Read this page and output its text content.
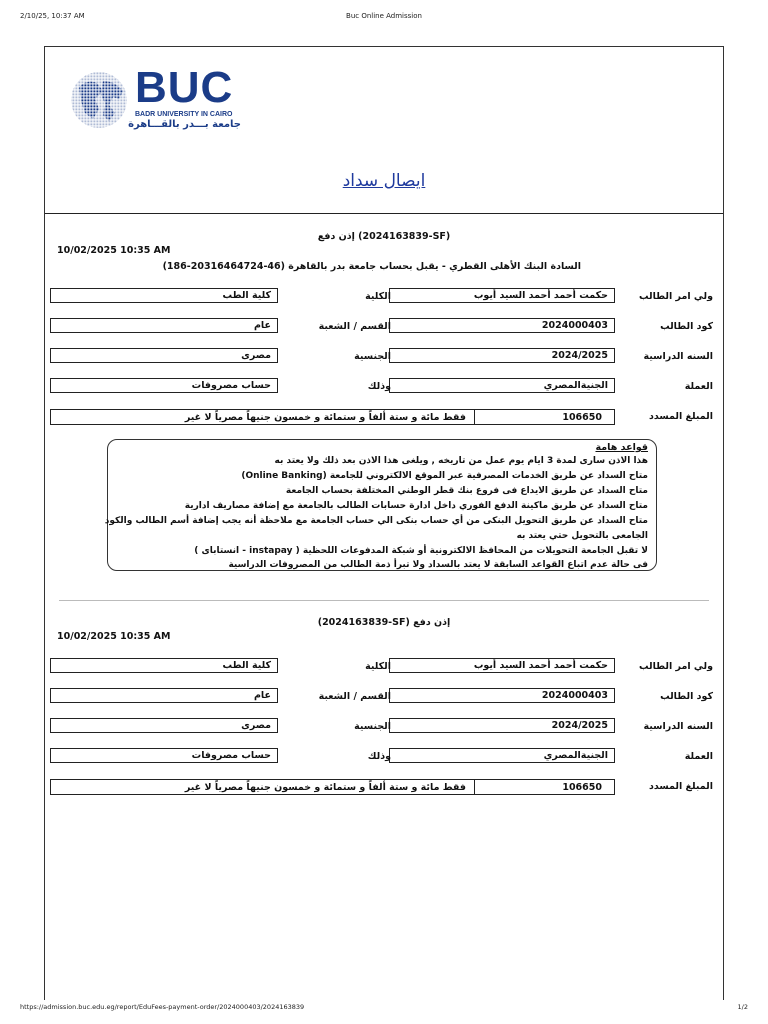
2/10/25, 10:37 AM	Buc Online Admission
BUC
BADR UNIVERSITY IN CAIRO
جامعة بـــدر بالقـــاهرة
ايصال سداد
إذن دفع (2024163839-SF)
10/02/2025 10:35 AM
السادة البنك الأهلى القطري - يقبل بحساب جامعة بدر بالقاهرة (46-20316464724-186)
ولي امر الطالب
حكمت أحمد أحمد السيد أيوب
الكلية
كلية الطب
كود الطالب
2024000403
القسم / الشعبة
عام
السنه الدراسية
2024/2025
الجنسية
مصرى
العملة
الجنيةالمصري
وذلك
حساب مصروفات
المبلغ المسدد
106650
فقط مائة و ستة ألفاً و ستمائة و خمسون جنيهاً مصرياً لا غير
قواعد هامة
هذا الاذن سارى لمدة 3 ايام يوم عمل من تاريخه , ويلغى هذا الاذن بعد ذلك ولا يعتد به
متاح السداد عن طريق الخدمات المصرفية عبر الموقع الالكتروني للجامعة (Online Banking)
متاح السداد عن طريق الايداع فى فروع بنك قطر الوطني المختلفة بحساب الجامعة
متاح السداد عن طريق ماكينة الدفع الفوري داخل ادارة حسابات الطالب بالجامعة مع إضافة مصاريف ادارية
متاح السداد عن طريق التحويل البنكى من أي حساب بنكى الي حساب الجامعة مع ملاحظة أنه يجب إضافة أسم الطالب والكود
الجامعى بالتحويل حتي يعتد به
لا تقبل الجامعة التحويلات من المحافظ الالكترونية أو شبكة المدفوعات اللحظية ( instapay - انستاباى )
فى حالة عدم اتباع القواعد السابقة لا يعتد بالسداد ولا تبرأ ذمة الطالب من المصروفات الدراسية
(2024163839-SF) إذن دفع
10/02/2025 10:35 AM
ولي امر الطالب
حكمت أحمد أحمد السيد أيوب
الكلية
كلية الطب
كود الطالب
2024000403
القسم / الشعبة
عام
السنه الدراسية
2024/2025
الجنسية
مصرى
العملة
الجنيةالمصري
وذلك
حساب مصروفات
المبلغ المسدد
106650
فقط مائة و ستة ألفاً و ستمائة و خمسون جنيهاً مصرياً لا غير
https://admission.buc.edu.eg/report/EduFees-payment-order/2024000403/2024163839	1/2
